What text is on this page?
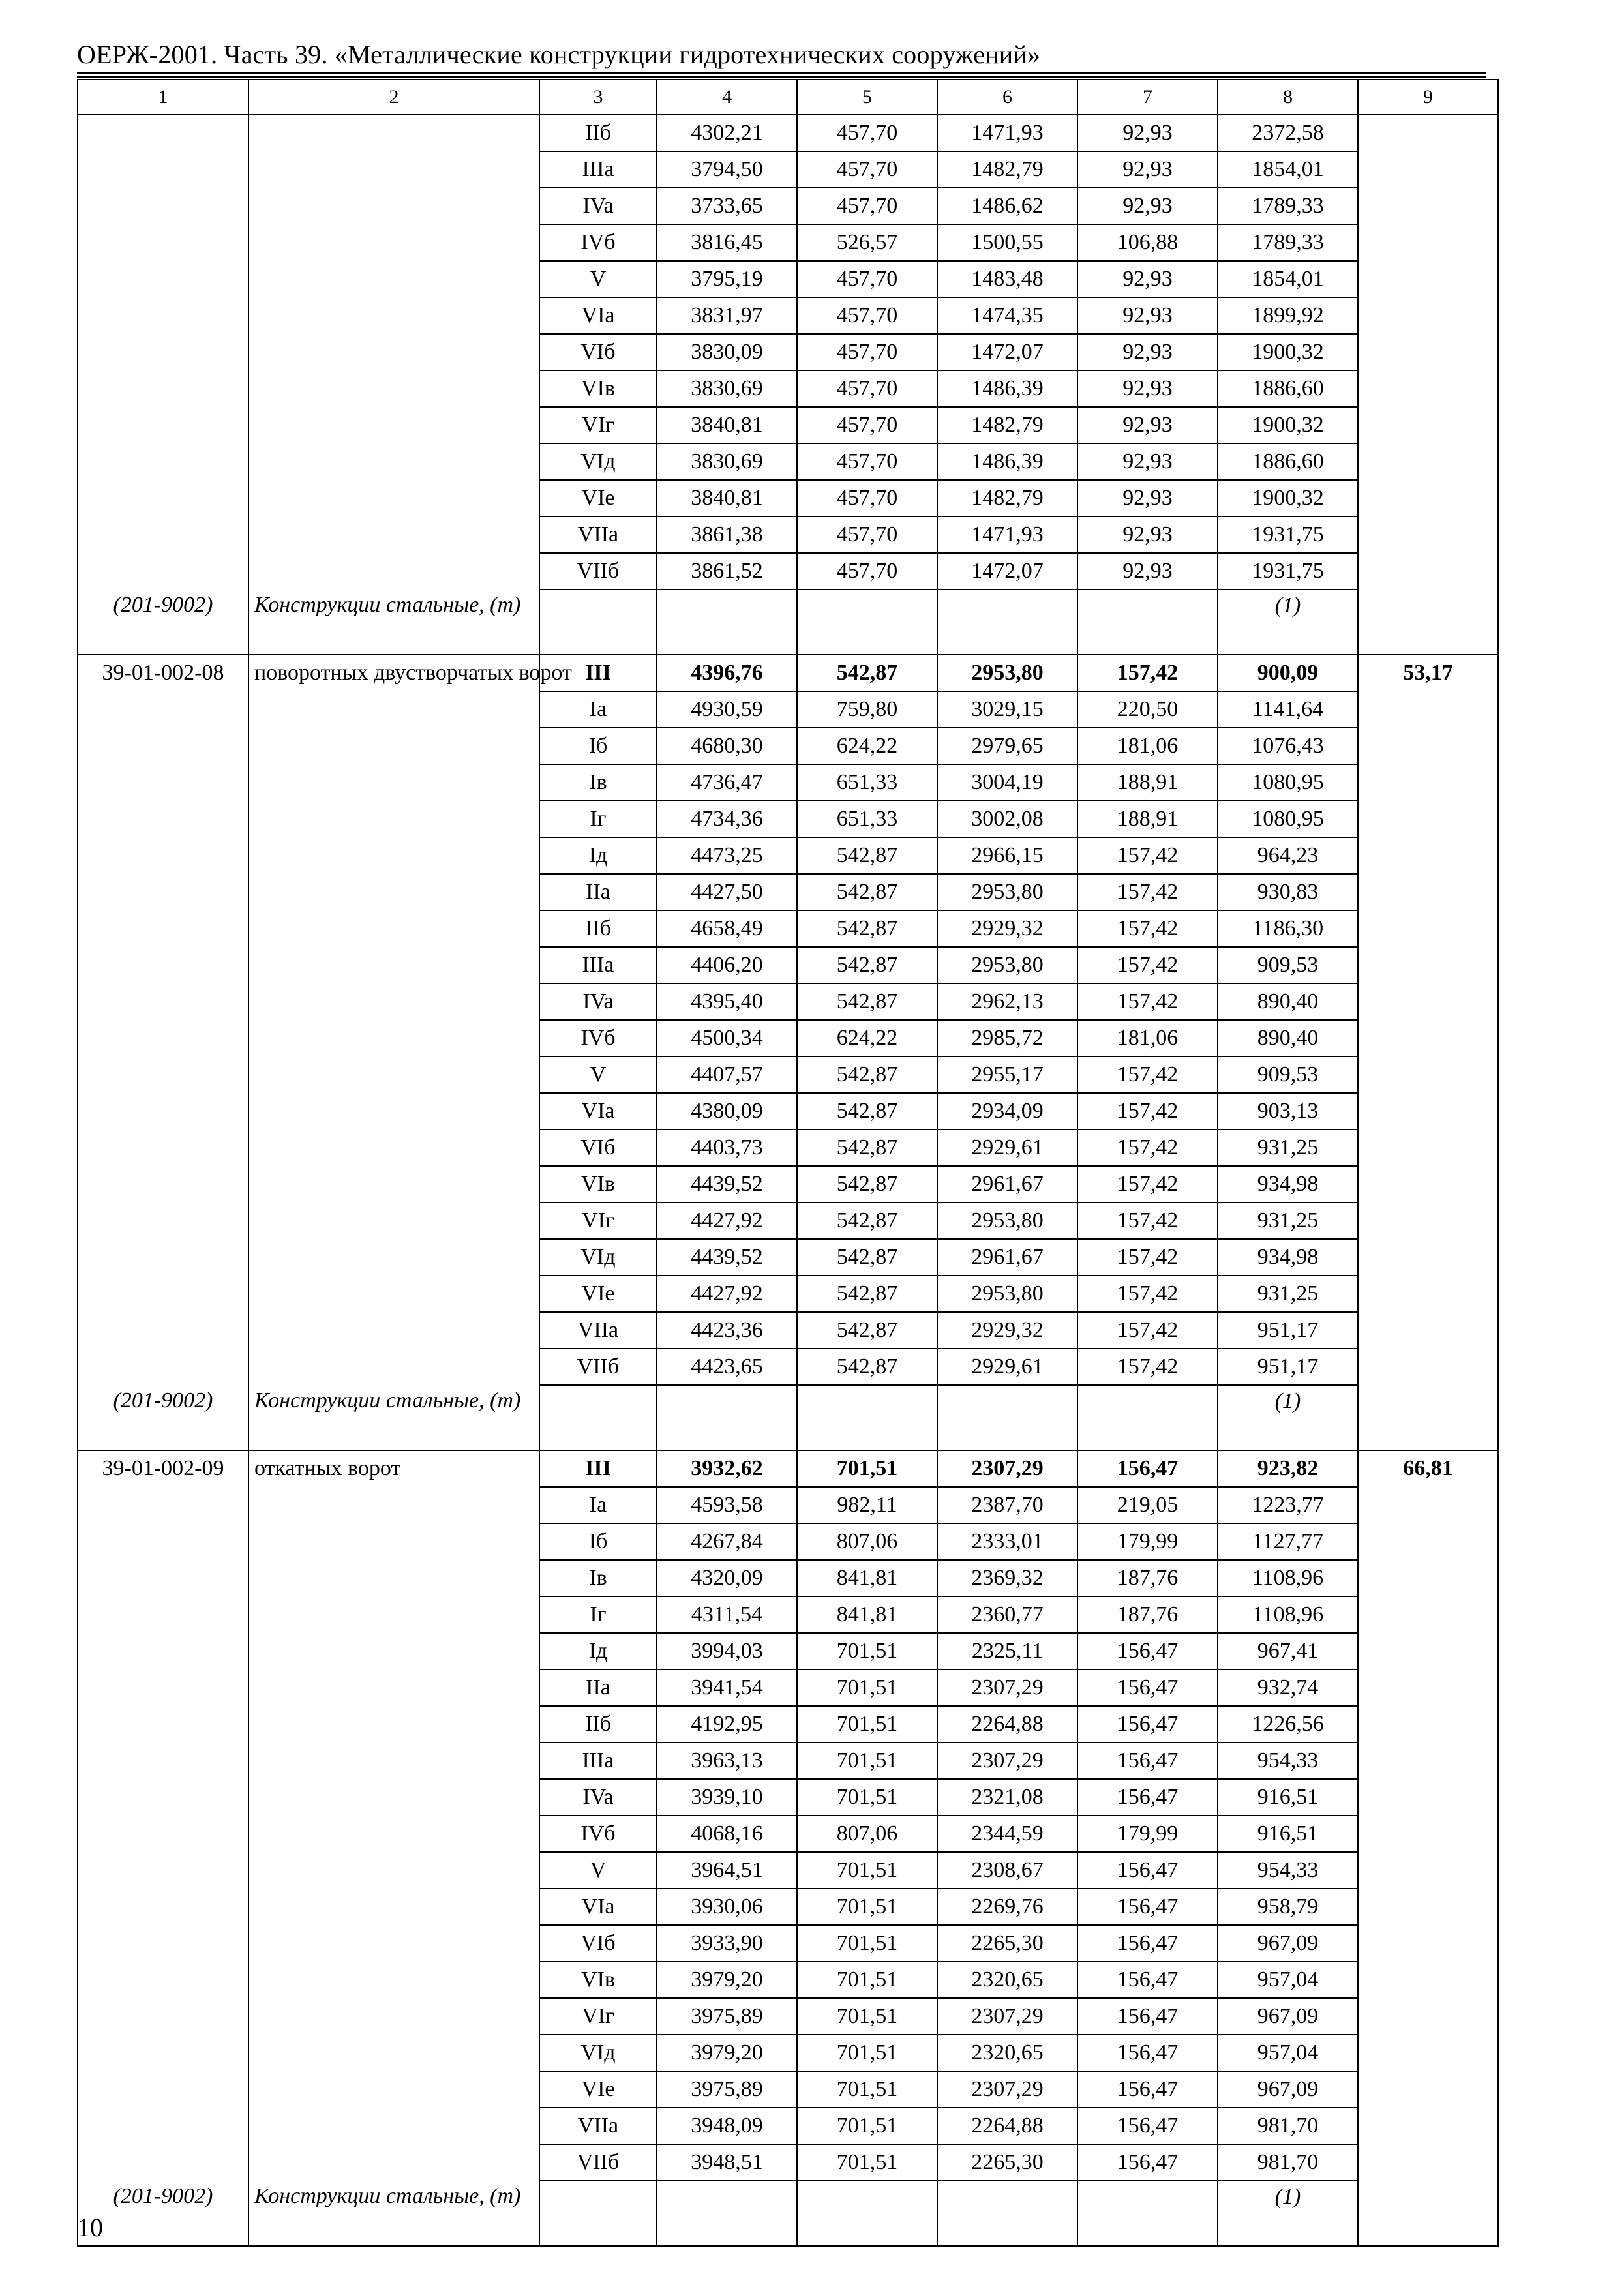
ОЕРЖ-2001. Часть 39. «Металлические конструкции гидротехнических сооружений»
1	2	3	4	5	6	7	8	9
		IIб	4302,21	457,70	1471,93	92,93	2372,58	
		IIIa	3794,50	457,70	1482,79	92,93	1854,01	
		IVa	3733,65	457,70	1486,62	92,93	1789,33	
		IVб	3816,45	526,57	1500,55	106,88	1789,33	
		V	3795,19	457,70	1483,48	92,93	1854,01	
		VIa	3831,97	457,70	1474,35	92,93	1899,92	
		VIб	3830,09	457,70	1472,07	92,93	1900,32	
		VIв	3830,69	457,70	1486,39	92,93	1886,60	
		VIг	3840,81	457,70	1482,79	92,93	1900,32	
		VIд	3830,69	457,70	1486,39	92,93	1886,60	
		VIe	3840,81	457,70	1482,79	92,93	1900,32	
		VIIa	3861,38	457,70	1471,93	92,93	1931,75	
		VIIб	3861,52	457,70	1472,07	92,93	1931,75	
(201-9002)	Конструкции стальные, (т)						(1)	
39-01-002-08	поворотных двустворчатых ворот	III	4396,76	542,87	2953,80	157,42	900,09	53,17
		Ia	4930,59	759,80	3029,15	220,50	1141,64	
		Iб	4680,30	624,22	2979,65	181,06	1076,43	
		Iв	4736,47	651,33	3004,19	188,91	1080,95	
		Iг	4734,36	651,33	3002,08	188,91	1080,95	
		Iд	4473,25	542,87	2966,15	157,42	964,23	
		IIa	4427,50	542,87	2953,80	157,42	930,83	
		IIб	4658,49	542,87	2929,32	157,42	1186,30	
		IIIa	4406,20	542,87	2953,80	157,42	909,53	
		IVa	4395,40	542,87	2962,13	157,42	890,40	
		IVб	4500,34	624,22	2985,72	181,06	890,40	
		V	4407,57	542,87	2955,17	157,42	909,53	
		VIa	4380,09	542,87	2934,09	157,42	903,13	
		VIб	4403,73	542,87	2929,61	157,42	931,25	
		VIв	4439,52	542,87	2961,67	157,42	934,98	
		VIг	4427,92	542,87	2953,80	157,42	931,25	
		VIд	4439,52	542,87	2961,67	157,42	934,98	
		VIe	4427,92	542,87	2953,80	157,42	931,25	
		VIIa	4423,36	542,87	2929,32	157,42	951,17	
		VIIб	4423,65	542,87	2929,61	157,42	951,17	
(201-9002)	Конструкции стальные, (т)						(1)	
39-01-002-09	откатных ворот	III	3932,62	701,51	2307,29	156,47	923,82	66,81
		Ia	4593,58	982,11	2387,70	219,05	1223,77	
		Iб	4267,84	807,06	2333,01	179,99	1127,77	
		Iв	4320,09	841,81	2369,32	187,76	1108,96	
		Iг	4311,54	841,81	2360,77	187,76	1108,96	
		Iд	3994,03	701,51	2325,11	156,47	967,41	
		IIa	3941,54	701,51	2307,29	156,47	932,74	
		IIб	4192,95	701,51	2264,88	156,47	1226,56	
		IIIa	3963,13	701,51	2307,29	156,47	954,33	
		IVa	3939,10	701,51	2321,08	156,47	916,51	
		IVб	4068,16	807,06	2344,59	179,99	916,51	
		V	3964,51	701,51	2308,67	156,47	954,33	
		VIa	3930,06	701,51	2269,76	156,47	958,79	
		VIб	3933,90	701,51	2265,30	156,47	967,09	
		VIв	3979,20	701,51	2320,65	156,47	957,04	
		VIг	3975,89	701,51	2307,29	156,47	967,09	
		VIд	3979,20	701,51	2320,65	156,47	957,04	
		VIe	3975,89	701,51	2307,29	156,47	967,09	
		VIIa	3948,09	701,51	2264,88	156,47	981,70	
		VIIб	3948,51	701,51	2265,30	156,47	981,70	
(201-9002)	Конструкции стальные, (т)						(1)	
10
